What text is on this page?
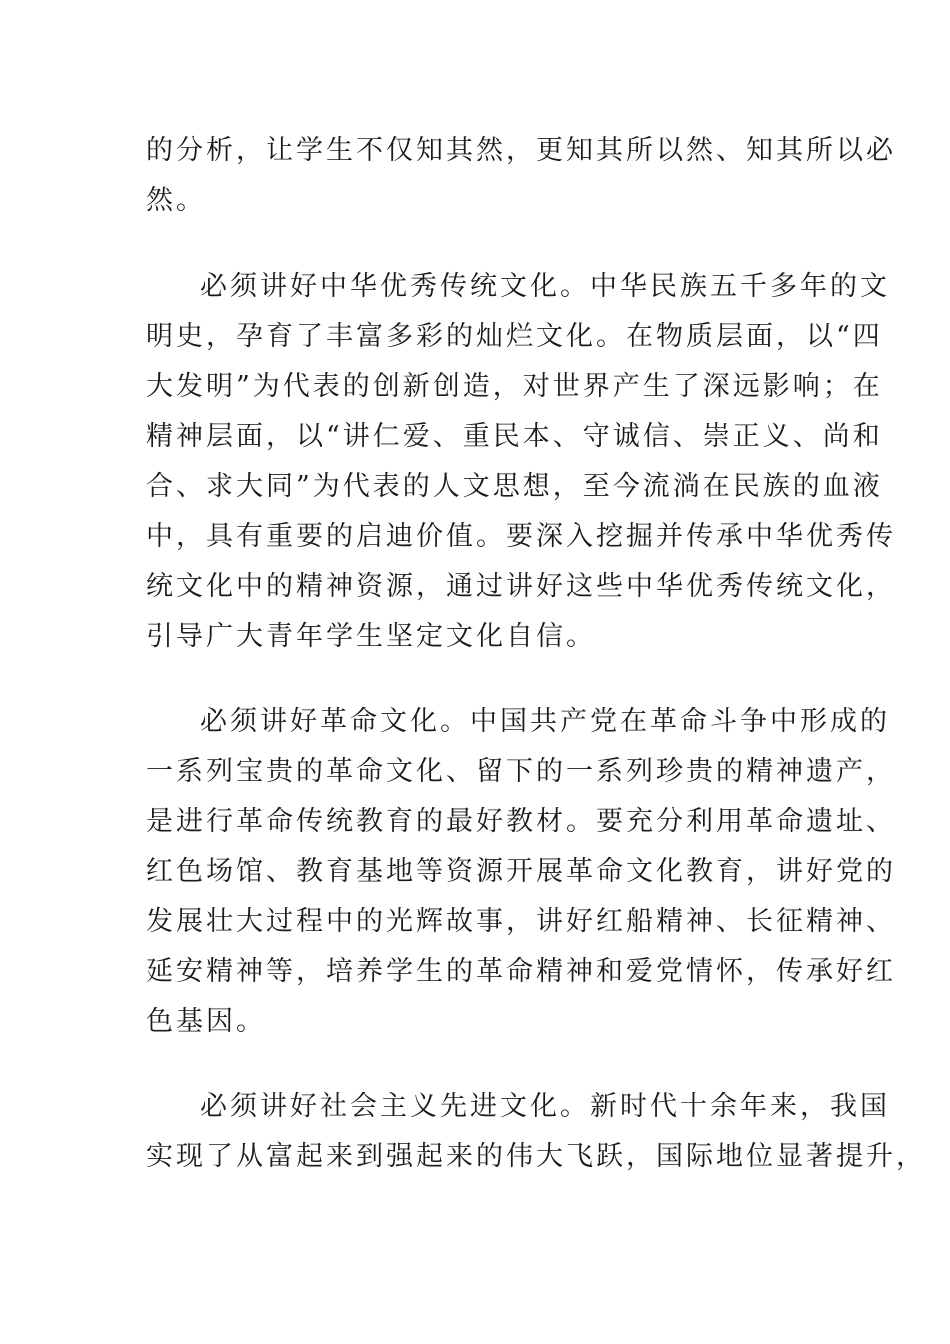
的分析，让学生不仅知其然，更知其所以然、知其所以必
然。
必须讲好中华优秀传统文化。中华民族五千多年的文
明史，孕育了丰富多彩的灿烂文化。在物质层面，以“四
大发明”为代表的创新创造，对世界产生了深远影响；在
精神层面，以“讲仁爱、重民本、守诚信、崇正义、尚和
合、求大同”为代表的人文思想，至今流淌在民族的血液
中，具有重要的启迪价值。要深入挖掘并传承中华优秀传
统文化中的精神资源，通过讲好这些中华优秀传统文化，
引导广大青年学生坚定文化自信。
必须讲好革命文化。中国共产党在革命斗争中形成的
一系列宝贵的革命文化、留下的一系列珍贵的精神遗产，
是进行革命传统教育的最好教材。要充分利用革命遗址、
红色场馆、教育基地等资源开展革命文化教育，讲好党的
发展壮大过程中的光辉故事，讲好红船精神、长征精神、
延安精神等，培养学生的革命精神和爱党情怀，传承好红
色基因。
必须讲好社会主义先进文化。新时代十余年来，我国
实现了从富起来到强起来的伟大飞跃，国际地位显著提升，
